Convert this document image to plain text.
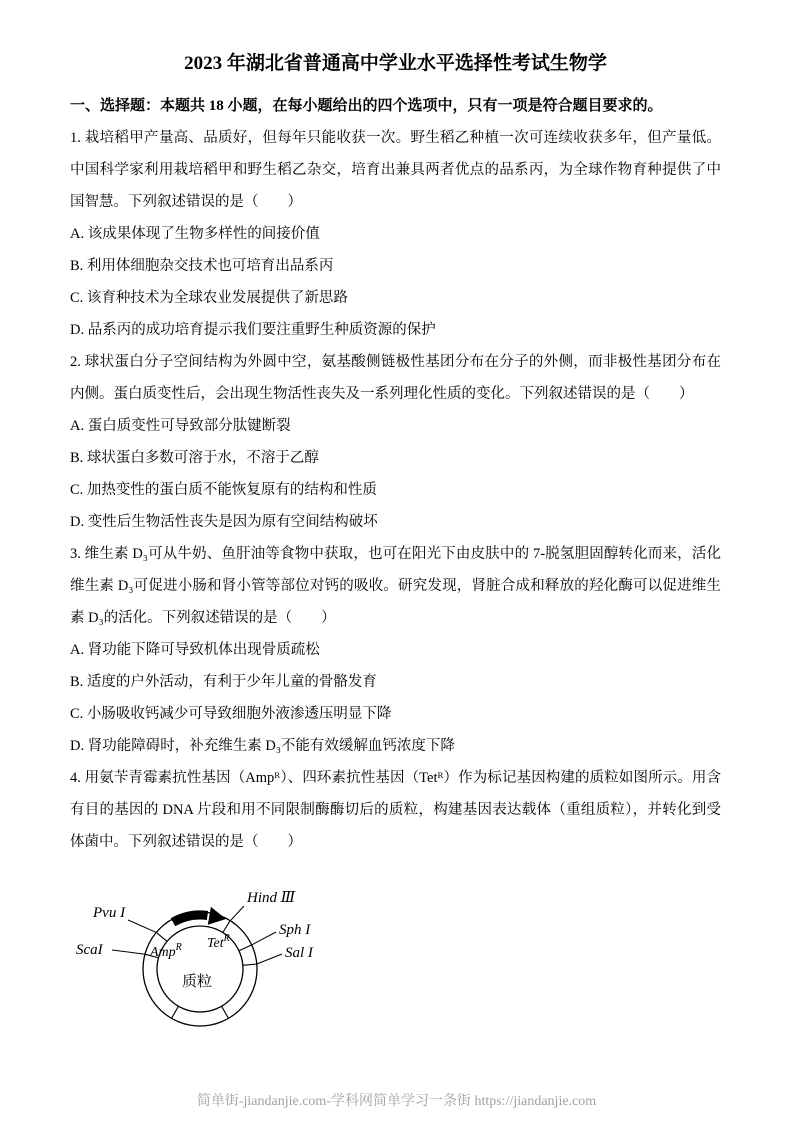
2023 年湖北省普通高中学业水平选择性考试生物学
一、选择题：本题共 18 小题，在每小题给出的四个选项中，只有一项是符合题目要求的。

1. 栽培稻甲产量高、品质好，但每年只能收获一次。野生稻乙种植一次可连续收获多年，但产量低。中国科学家利用栽培稻甲和野生稻乙杂交，培育出兼具两者优点的品系丙，为全球作物育种提供了中国智慧。下列叙述错误的是（　　）

A. 该成果体现了生物多样性的间接价值

B. 利用体细胞杂交技术也可培育出品系丙

C. 该育种技术为全球农业发展提供了新思路

D. 品系丙的成功培育提示我们要注重野生种质资源的保护

2. 球状蛋白分子空间结构为外圆中空，氨基酸侧链极性基团分布在分子的外侧，而非极性基团分布在内侧。蛋白质变性后，会出现生物活性丧失及一系列理化性质的变化。下列叙述错误的是（　　）

A. 蛋白质变性可导致部分肽键断裂

B. 球状蛋白多数可溶于水，不溶于乙醇

C. 加热变性的蛋白质不能恢复原有的结构和性质

D. 变性后生物活性丧失是因为原有空间结构破坏

3. 维生素 D₃可从牛奶、鱼肝油等食物中获取，也可在阳光下由皮肤中的 7-脱氢胆固醇转化而来，活化维生素 D₃可促进小肠和肾小管等部位对钙的吸收。研究发现，肾脏合成和释放的羟化酶可以促进维生素 D₃的活化。下列叙述错误的是（　　）

A. 肾功能下降可导致机体出现骨质疏松

B. 适度的户外活动，有利于少年儿童的骨骼发育

C. 小肠吸收钙减少可导致细胞外液渗透压明显下降

D. 肾功能障碍时，补充维生素 D₃不能有效缓解血钙浓度下降

4. 用氨苄青霉素抗性基因（Ampᴿ）、四环素抗性基因（Tetᴿ）作为标记基因构建的质粒如图所示。用含有目的基因的 DNA 片段和用不同限制酶酶切后的质粒，构建基因表达载体（重组质粒），并转化到受体菌中。下列叙述错误的是（　　）

Pvu I
ScaI
Hind Ⅲ
Sph I
Sal I
Amp$^R$ Tet$^R$
质粒
简单街-jiandanjie.com-学科网简单学习一条街 https://jiandanjie.com
